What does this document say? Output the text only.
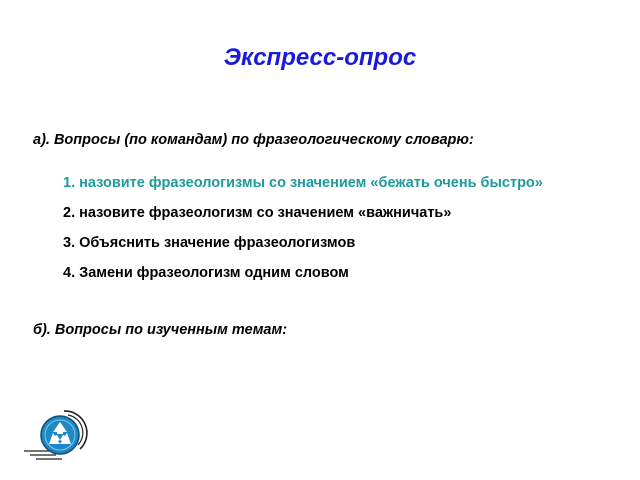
Экспресс-опрос
а). Вопросы (по командам) по фразеологическому словарю:
1. назовите фразеологизмы со значением «бежать очень быстро»
2. назовите фразеологизм со значением «важничать»
3. Объяснить значение фразеологизмов
4. Замени фразеологизм одним словом
б). Вопросы по изученным темам:
